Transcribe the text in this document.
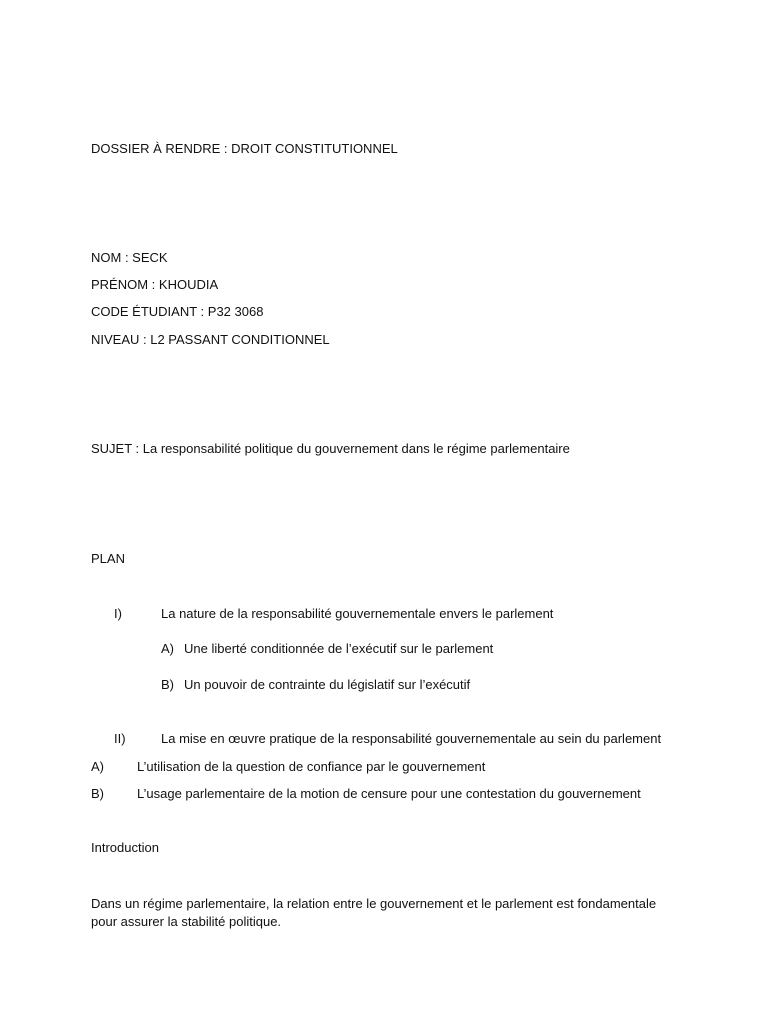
DOSSIER À RENDRE : DROIT CONSTITUTIONNEL
NOM : SECK
PRÉNOM : KHOUDIA
CODE ÉTUDIANT : P32 3068
NIVEAU : L2 PASSANT CONDITIONNEL
SUJET : La responsabilité politique du gouvernement dans le régime parlementaire
PLAN
I)	La nature de la responsabilité gouvernementale envers le parlement
A) Une liberté conditionnée de l’exécutif sur le parlement
B) Un pouvoir de contrainte du législatif sur l’exécutif
II)	La mise en œuvre pratique de la responsabilité gouvernementale au sein du parlement
A)	L’utilisation de la question de confiance par le gouvernement
B)	L’usage parlementaire de la motion de censure pour une contestation du gouvernement
Introduction
Dans un régime parlementaire, la relation entre le gouvernement et le parlement est fondamentale pour assurer la stabilité politique.
